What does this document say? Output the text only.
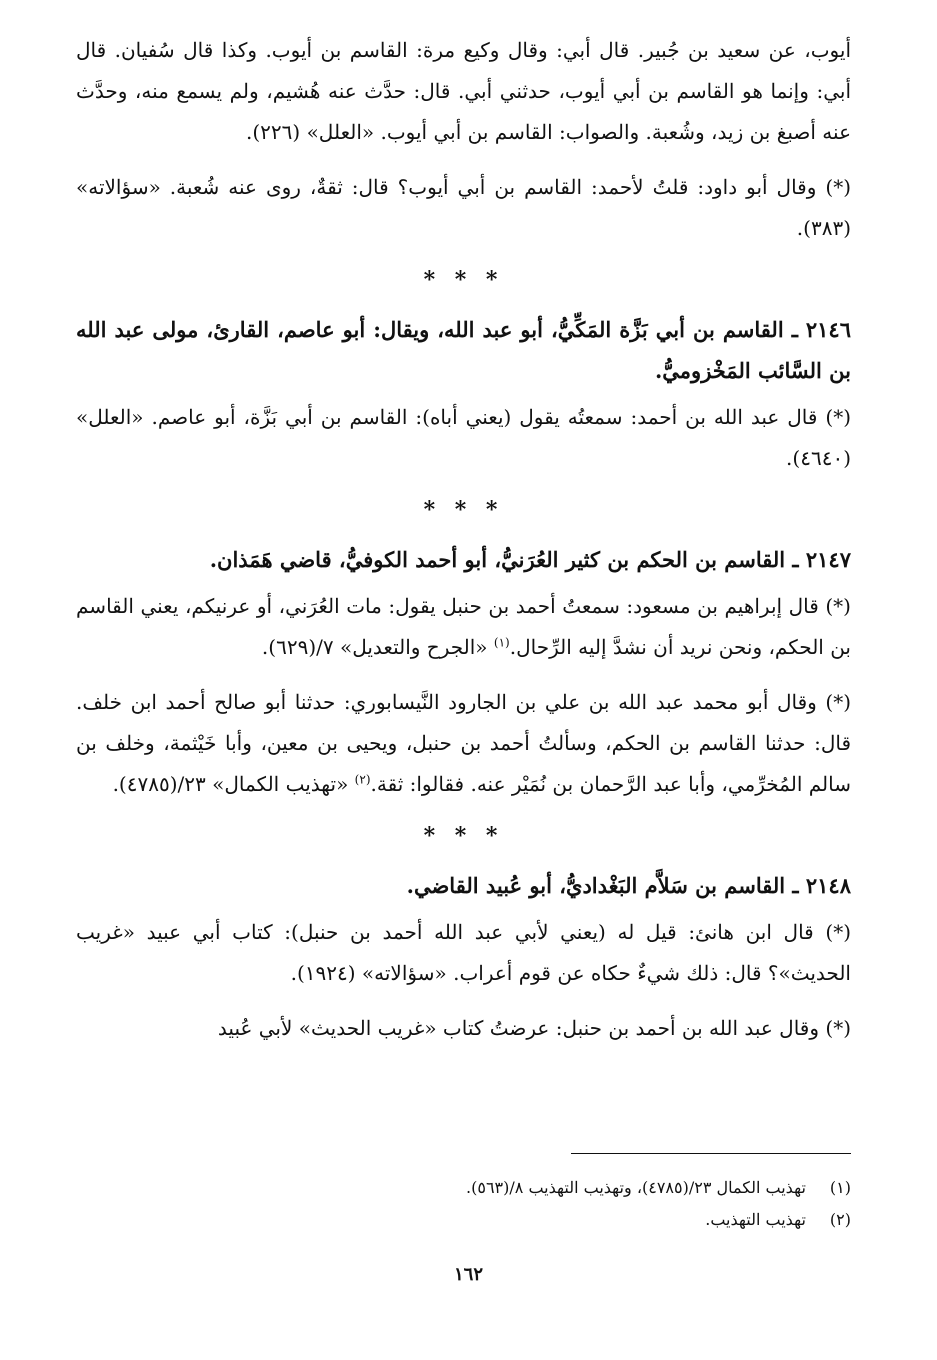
أيوب، عن سعيد بن جُبير. قال أبي: وقال وكيع مرة: القاسم بن أيوب. وكذا قال سُفيان. قال أبي: وإنما هو القاسم بن أبي أيوب، حدثني أبي. قال: حدَّث عنه هُشيم، ولم يسمع منه، وحدَّث عنه أصبغ بن زيد، وشُعبة. والصواب: القاسم بن أبي أيوب. «العلل» (٢٢٦).

(*) وقال أبو داود: قلتُ لأحمد: القاسم بن أبي أيوب؟ قال: ثقةٌ، روى عنه شُعبة. «سؤالاته» (٣٨٣).

* * *

٢١٤٦ ـ القاسم بن أبي بَزَّة المَكِّيُّ، أبو عبد الله، ويقال: أبو عاصم، القارئ، مولى عبد الله بن السَّائب المَخْزوميُّ.

(*) قال عبد الله بن أحمد: سمعتُه يقول (يعني أباه): القاسم بن أبي بَزَّة، أبو عاصم. «العلل» (٤٦٤٠).

* * *

٢١٤٧ ـ القاسم بن الحكم بن كثير العُرَنيُّ، أبو أحمد الكوفيُّ، قاضي هَمَذان.

(*) قال إبراهيم بن مسعود: سمعتُ أحمد بن حنبل يقول: مات العُرَني، أو عرنيكم، يعني القاسم بن الحكم، ونحن نريد أن نشدَّ إليه الرِّحال.$^{(١)}$ «الجرح والتعديل» ٧/(٦٢٩).

(*) وقال أبو محمد عبد الله بن علي بن الجارود النَّيسابوري: حدثنا أبو صالح أحمد ابن خلف. قال: حدثنا القاسم بن الحكم، وسألتُ أحمد بن حنبل، ويحيى بن معين، وأبا خَيْثمة، وخلف بن سالم المُخرِّمي، وأبا عبد الرَّحمان بن نُمَيْر عنه. فقالوا: ثقة.$^{(٢)}$ «تهذيب الكمال» ٢٣/(٤٧٨٥).

* * *

٢١٤٨ ـ القاسم بن سَلاَّم البَغْداديُّ، أبو عُبيد القاضي.

(*) قال ابن هانئ: قيل له (يعني لأبي عبد الله أحمد بن حنبل): كتاب أبي عبيد «غريب الحديث»؟ قال: ذلك شيءٌ حكاه عن قوم أعراب. «سؤالاته» (١٩٢٤).

(*) وقال عبد الله بن أحمد بن حنبل: عرضتُ كتاب «غريب الحديث» لأبي عُبيد

(١) تهذيب الكمال ٢٣/(٤٧٨٥)، وتهذيب التهذيب ٨/(٥٦٣).
(٢) تهذيب التهذيب.
١٦٢
